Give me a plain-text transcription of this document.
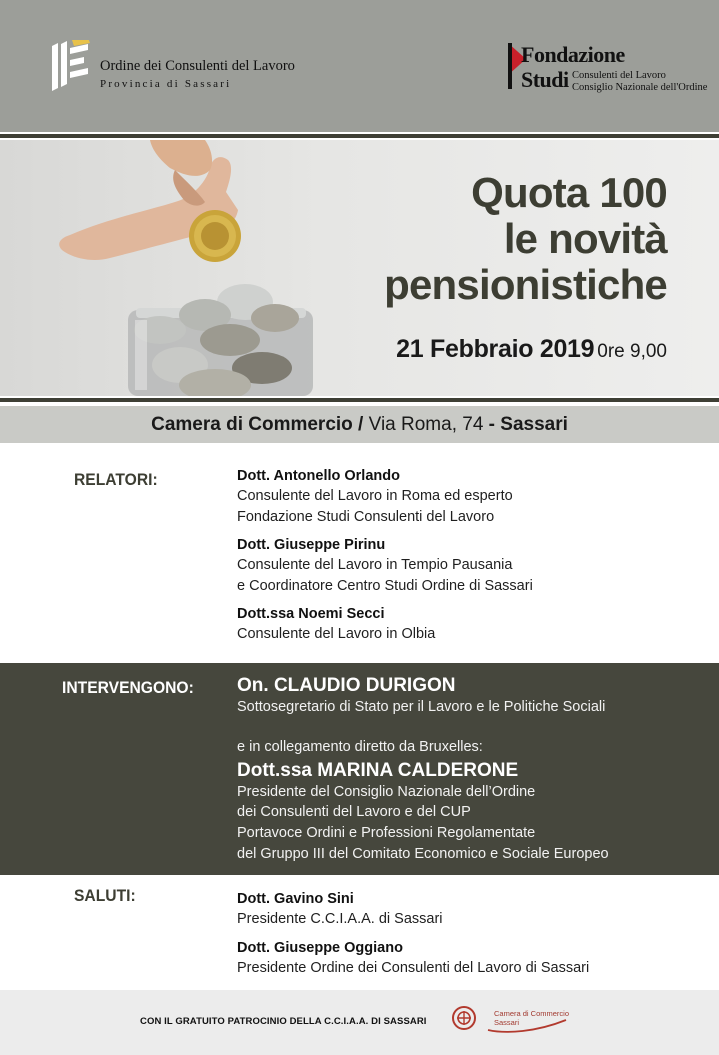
Ordine dei Consulenti del Lavoro
Provincia di Sassari
Fondazione
Studi Consulenti del Lavoro
Consiglio Nazionale dell'Ordine
Quota 100
le novità
pensionistiche
21 Febbraio 2019 0re 9,00
Camera di Commercio / Via Roma, 74 - Sassari
RELATORI:	Dott. Antonello Orlando
Consulente del Lavoro in Roma ed esperto
Fondazione Studi Consulenti del Lavoro
Dott. Giuseppe Pirinu
Consulente del Lavoro in Tempio Pausania
e Coordinatore Centro Studi Ordine di Sassari
Dott.ssa Noemi Secci
Consulente del Lavoro in Olbia
INTERVENGONO: On. CLAUDIO DURIGON
Sottosegretario di Stato per il Lavoro e le Politiche Sociali
e in collegamento diretto da Bruxelles:
Dott.ssa MARINA CALDERONE
Presidente del Consiglio Nazionale dell’Ordine
dei Consulenti del Lavoro e del CUP
Portavoce Ordini e Professioni Regolamentate
del Gruppo III del Comitato Economico e Sociale Europeo
SALUTI:	Dott. Gavino Sini
Presidente C.C.I.A.A. di Sassari
Dott. Giuseppe Oggiano
Presidente Ordine dei Consulenti del Lavoro di Sassari
CON IL GRATUITO PATROCINIO DELLA C.C.I.A.A. DI SASSARI
Camera di Commercio
Sassari
